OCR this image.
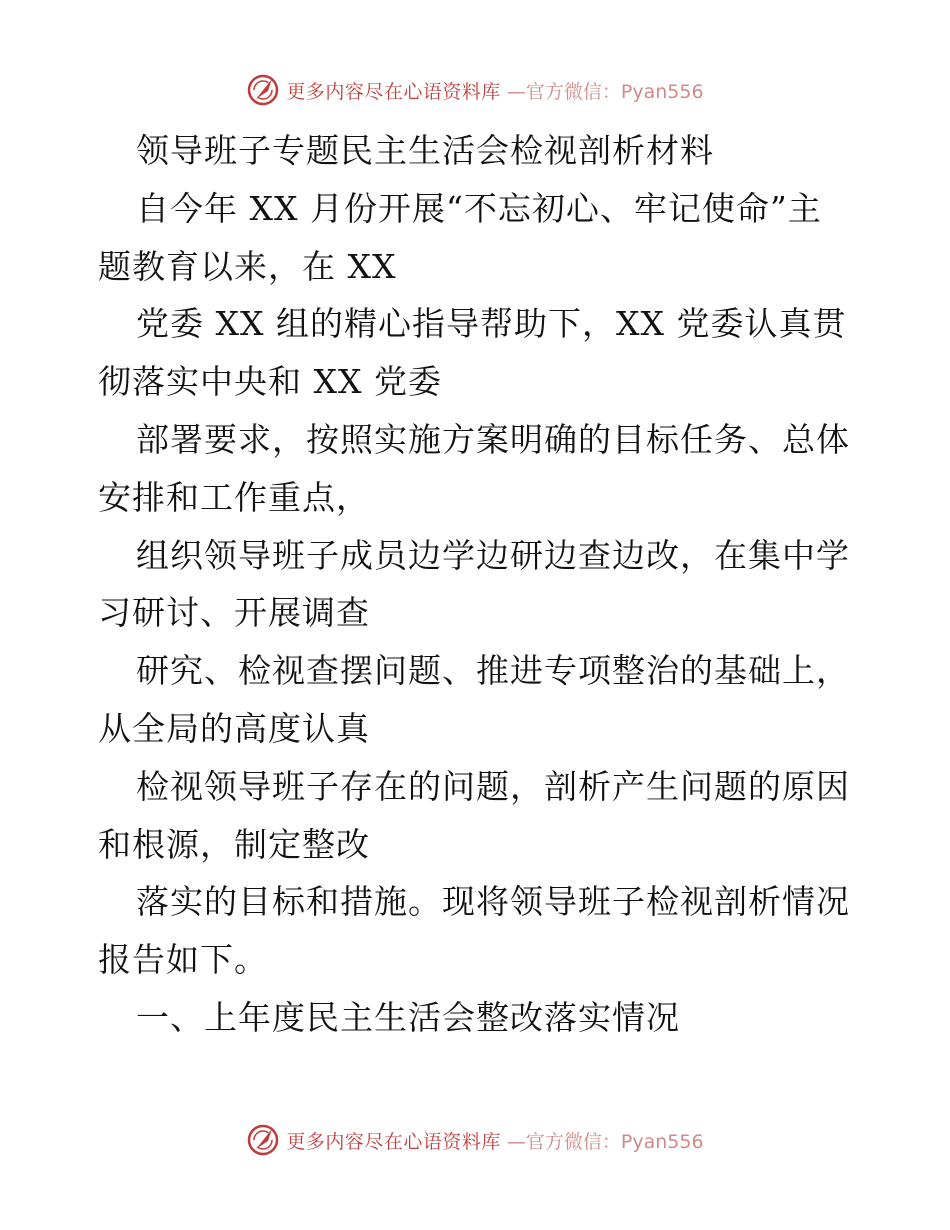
更多内容尽在心语资料库 —官方微信：Pyan556
领导班子专题民主生活会检视剖析材料
自今年 XX 月份开展“不忘初心、牢记使命”主
题教育以来，在 XX
党委 XX 组的精心指导帮助下，XX 党委认真贯
彻落实中央和 XX 党委
部署要求，按照实施方案明确的目标任务、总体
安排和工作重点，
组织领导班子成员边学边研边查边改，在集中学
习研讨、开展调查
研究、检视查摆问题、推进专项整治的基础上，
从全局的高度认真
检视领导班子存在的问题，剖析产生问题的原因
和根源，制定整改
落实的目标和措施。现将领导班子检视剖析情况
报告如下。
一、上年度民主生活会整改落实情况
更多内容尽在心语资料库 —官方微信：Pyan556
